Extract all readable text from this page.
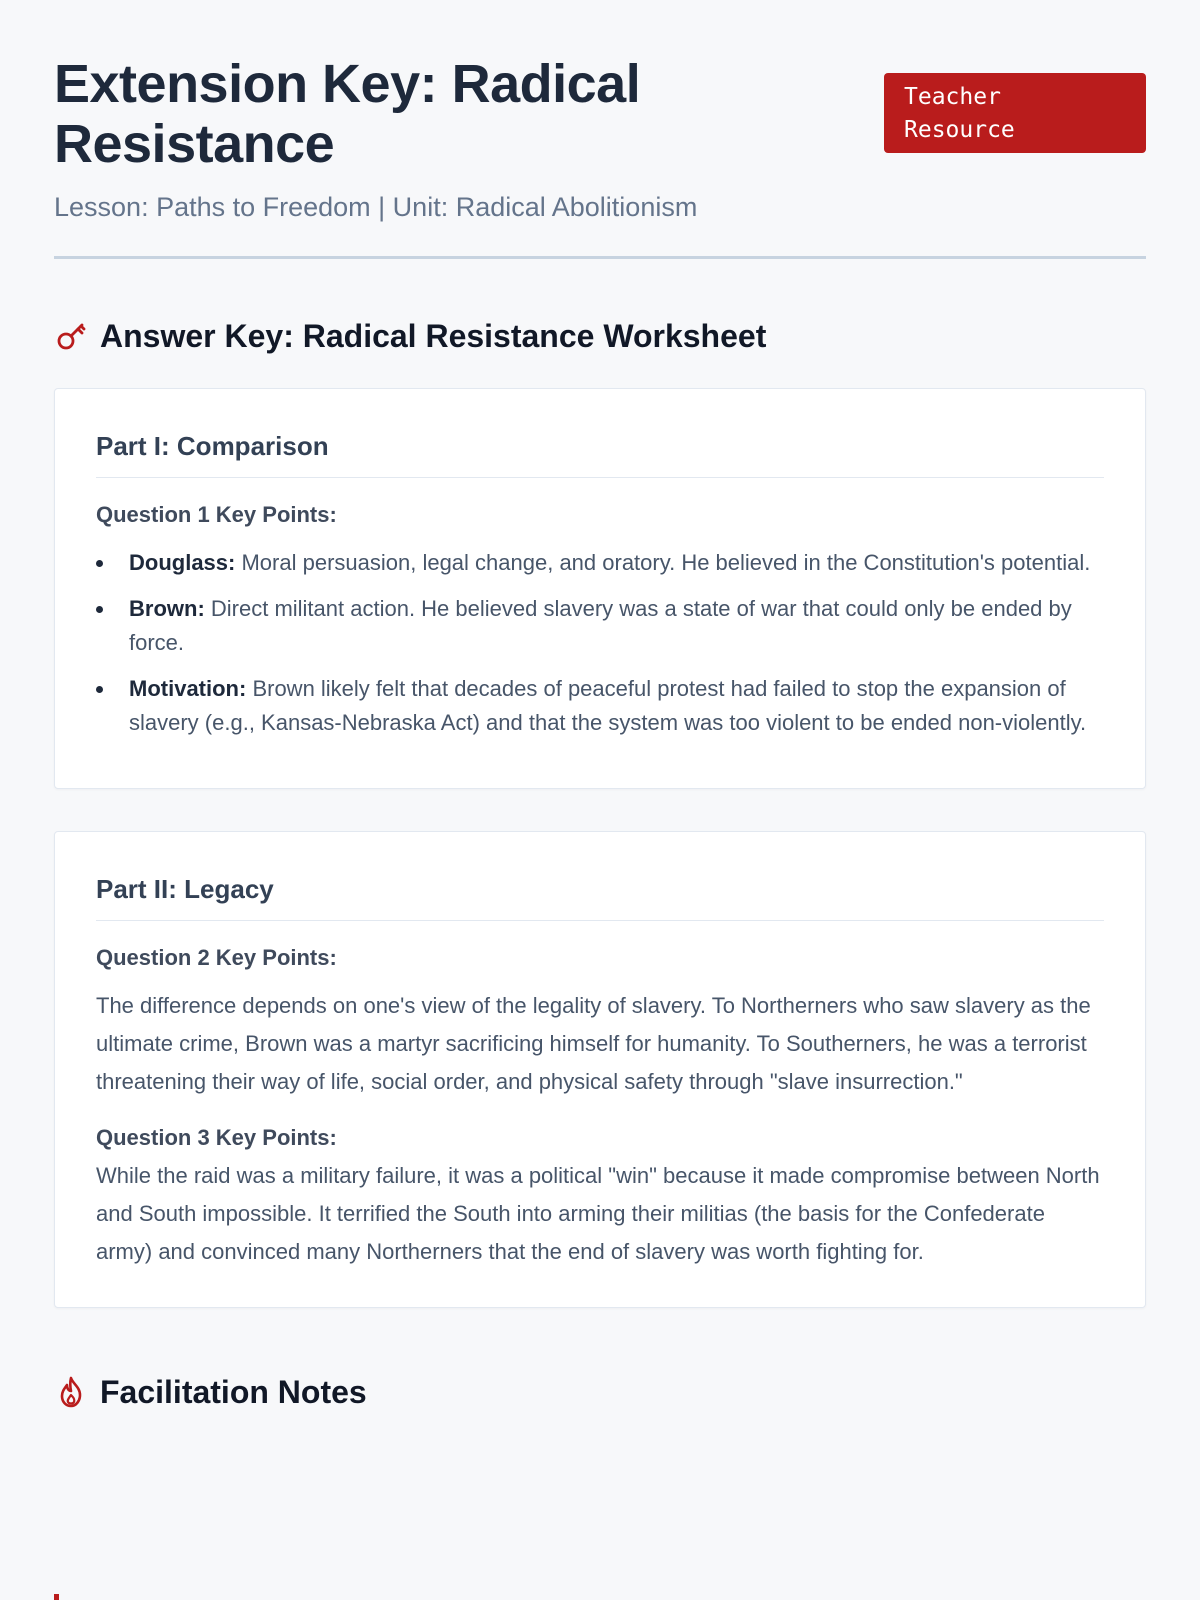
Extension Key: Radical Resistance
Lesson: Paths to Freedom | Unit: Radical Abolitionism
Teacher Resource
Answer Key: Radical Resistance Worksheet
Part I: Comparison
Question 1 Key Points:
Douglass: Moral persuasion, legal change, and oratory. He believed in the Constitution's potential.
Brown: Direct militant action. He believed slavery was a state of war that could only be ended by force.
Motivation: Brown likely felt that decades of peaceful protest had failed to stop the expansion of slavery (e.g., Kansas-Nebraska Act) and that the system was too violent to be ended non-violently.
Part II: Legacy
Question 2 Key Points:
The difference depends on one's view of the legality of slavery. To Northerners who saw slavery as the ultimate crime, Brown was a martyr sacrificing himself for humanity. To Southerners, he was a terrorist threatening their way of life, social order, and physical safety through "slave insurrection."
Question 3 Key Points:
While the raid was a military failure, it was a political "win" because it made compromise between North and South impossible. It terrified the South into arming their militias (the basis for the Confederate army) and convinced many Northerners that the end of slavery was worth fighting for.
Facilitation Notes
